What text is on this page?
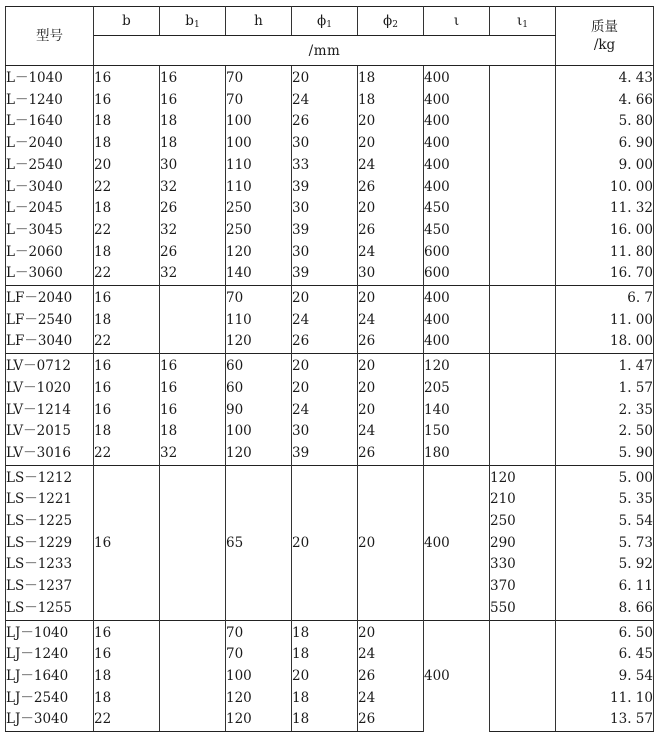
型号	b	$b_1$	h	$\phi_1$	$\phi_2$	ι	$\iota_1$	质量
/kg

	/mm							
L－1040	16	16	70	20	18	400		4. 43
L－1240	16	16	70	24	18	400		4. 66
L－1640	18	18	100	26	20	400		5. 80
L－2040	18	18	100	30	20	400		6. 90
L－2540	20	30	110	33	24	400		9. 00
L－3040	22	32	110	39	26	400		10. 00
L－2045	18	26	250	30	20	450		11. 32
L－3045	22	32	250	39	26	450		16. 00
L－2060	18	26	120	30	24	600		11. 80
L－3060	22	32	140	39	30	600		16. 70
LF－2040	16		70	20	20	400		6. 7
LF－2540	18		110	24	24	400		11. 00
LF－3040	22		120	26	26	400		18. 00
LV－0712	16	16	60	20	20	120		1. 47
LV－1020	16	16	60	20	20	205		1. 57
LV－1214	16	16	90	24	20	140		2. 35
LV－2015	18	18	100	30	24	150		2. 50
LV－3016	22	32	120	39	26	180		5. 90
LS－1212	16		65	20	20	400	120	5. 00
LS－1221							210	5. 35
LS－1225							250	5. 54
LS－1229							290	5. 73
LS－1233							330	5. 92
LS－1237							370	6. 11
LS－1255							550	8. 66
LJ－1040	16		70	18	20	400		6. 50
LJ－1240	16		70	18	24			6. 45
LJ－1640	18		100	20	26			9. 54
LJ－2540	18		120	18	24			11. 10
LJ－3040	22		120	18	26			13. 57
